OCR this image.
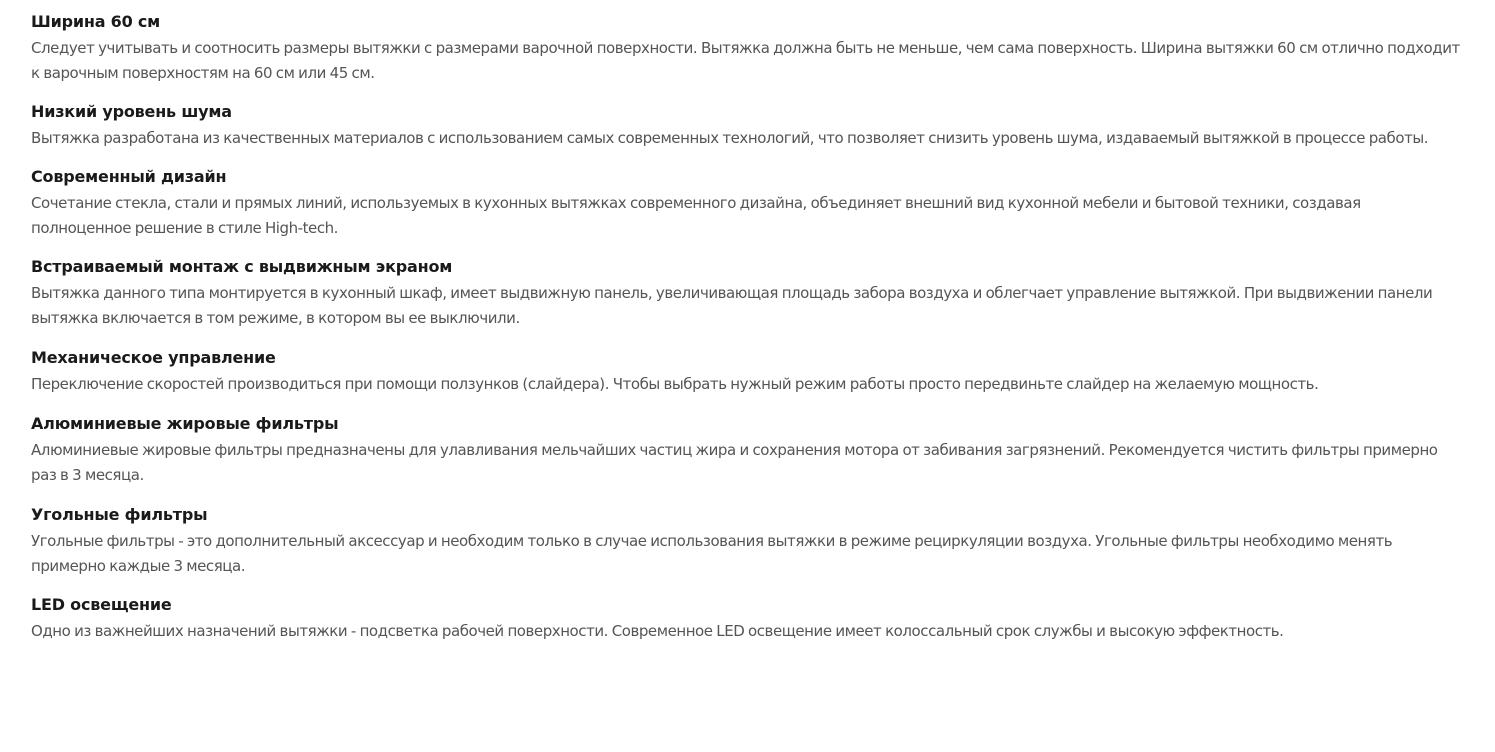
Ширина 60 см

Следует учитывать и соотносить размеры вытяжки с размерами варочной поверхности. Вытяжка должна быть не меньше, чем сама поверхность. Ширина вытяжки 60 см отлично подходит к варочным поверхностям на 60 см или 45 см.

Низкий уровень шума

Вытяжка разработана из качественных материалов с использованием самых современных технологий, что позволяет снизить уровень шума, издаваемый вытяжкой в процессе работы.

Современный дизайн

Сочетание стекла, стали и прямых линий, используемых в кухонных вытяжках современного дизайна, объединяет внешний вид кухонной мебели и бытовой техники, создавая полноценное решение в стиле High-tech.

Встраиваемый монтаж с выдвижным экраном

Вытяжка данного типа монтируется в кухонный шкаф, имеет выдвижную панель, увеличивающая площадь забора воздуха и облегчает управление вытяжкой. При выдвижении панели вытяжка включается в том режиме, в котором вы ее выключили.

Механическое управление

Переключение скоростей производиться при помощи ползунков (слайдера). Чтобы выбрать нужный режим работы просто передвиньте слайдер на желаемую мощность.

Алюминиевые жировые фильтры

Алюминиевые жировые фильтры предназначены для улавливания мельчайших частиц жира и сохранения мотора от забивания загрязнений. Рекомендуется чистить фильтры примерно раз в 3 месяца.

Угольные фильтры

Угольные фильтры - это дополнительный аксессуар и необходим только в случае использования вытяжки в режиме рециркуляции воздуха. Угольные фильтры необходимо менять примерно каждые 3 месяца.

LED освещение

Одно из важнейших назначений вытяжки - подсветка рабочей поверхности. Современное LED освещение имеет колоссальный срок службы и высокую эффектность.
